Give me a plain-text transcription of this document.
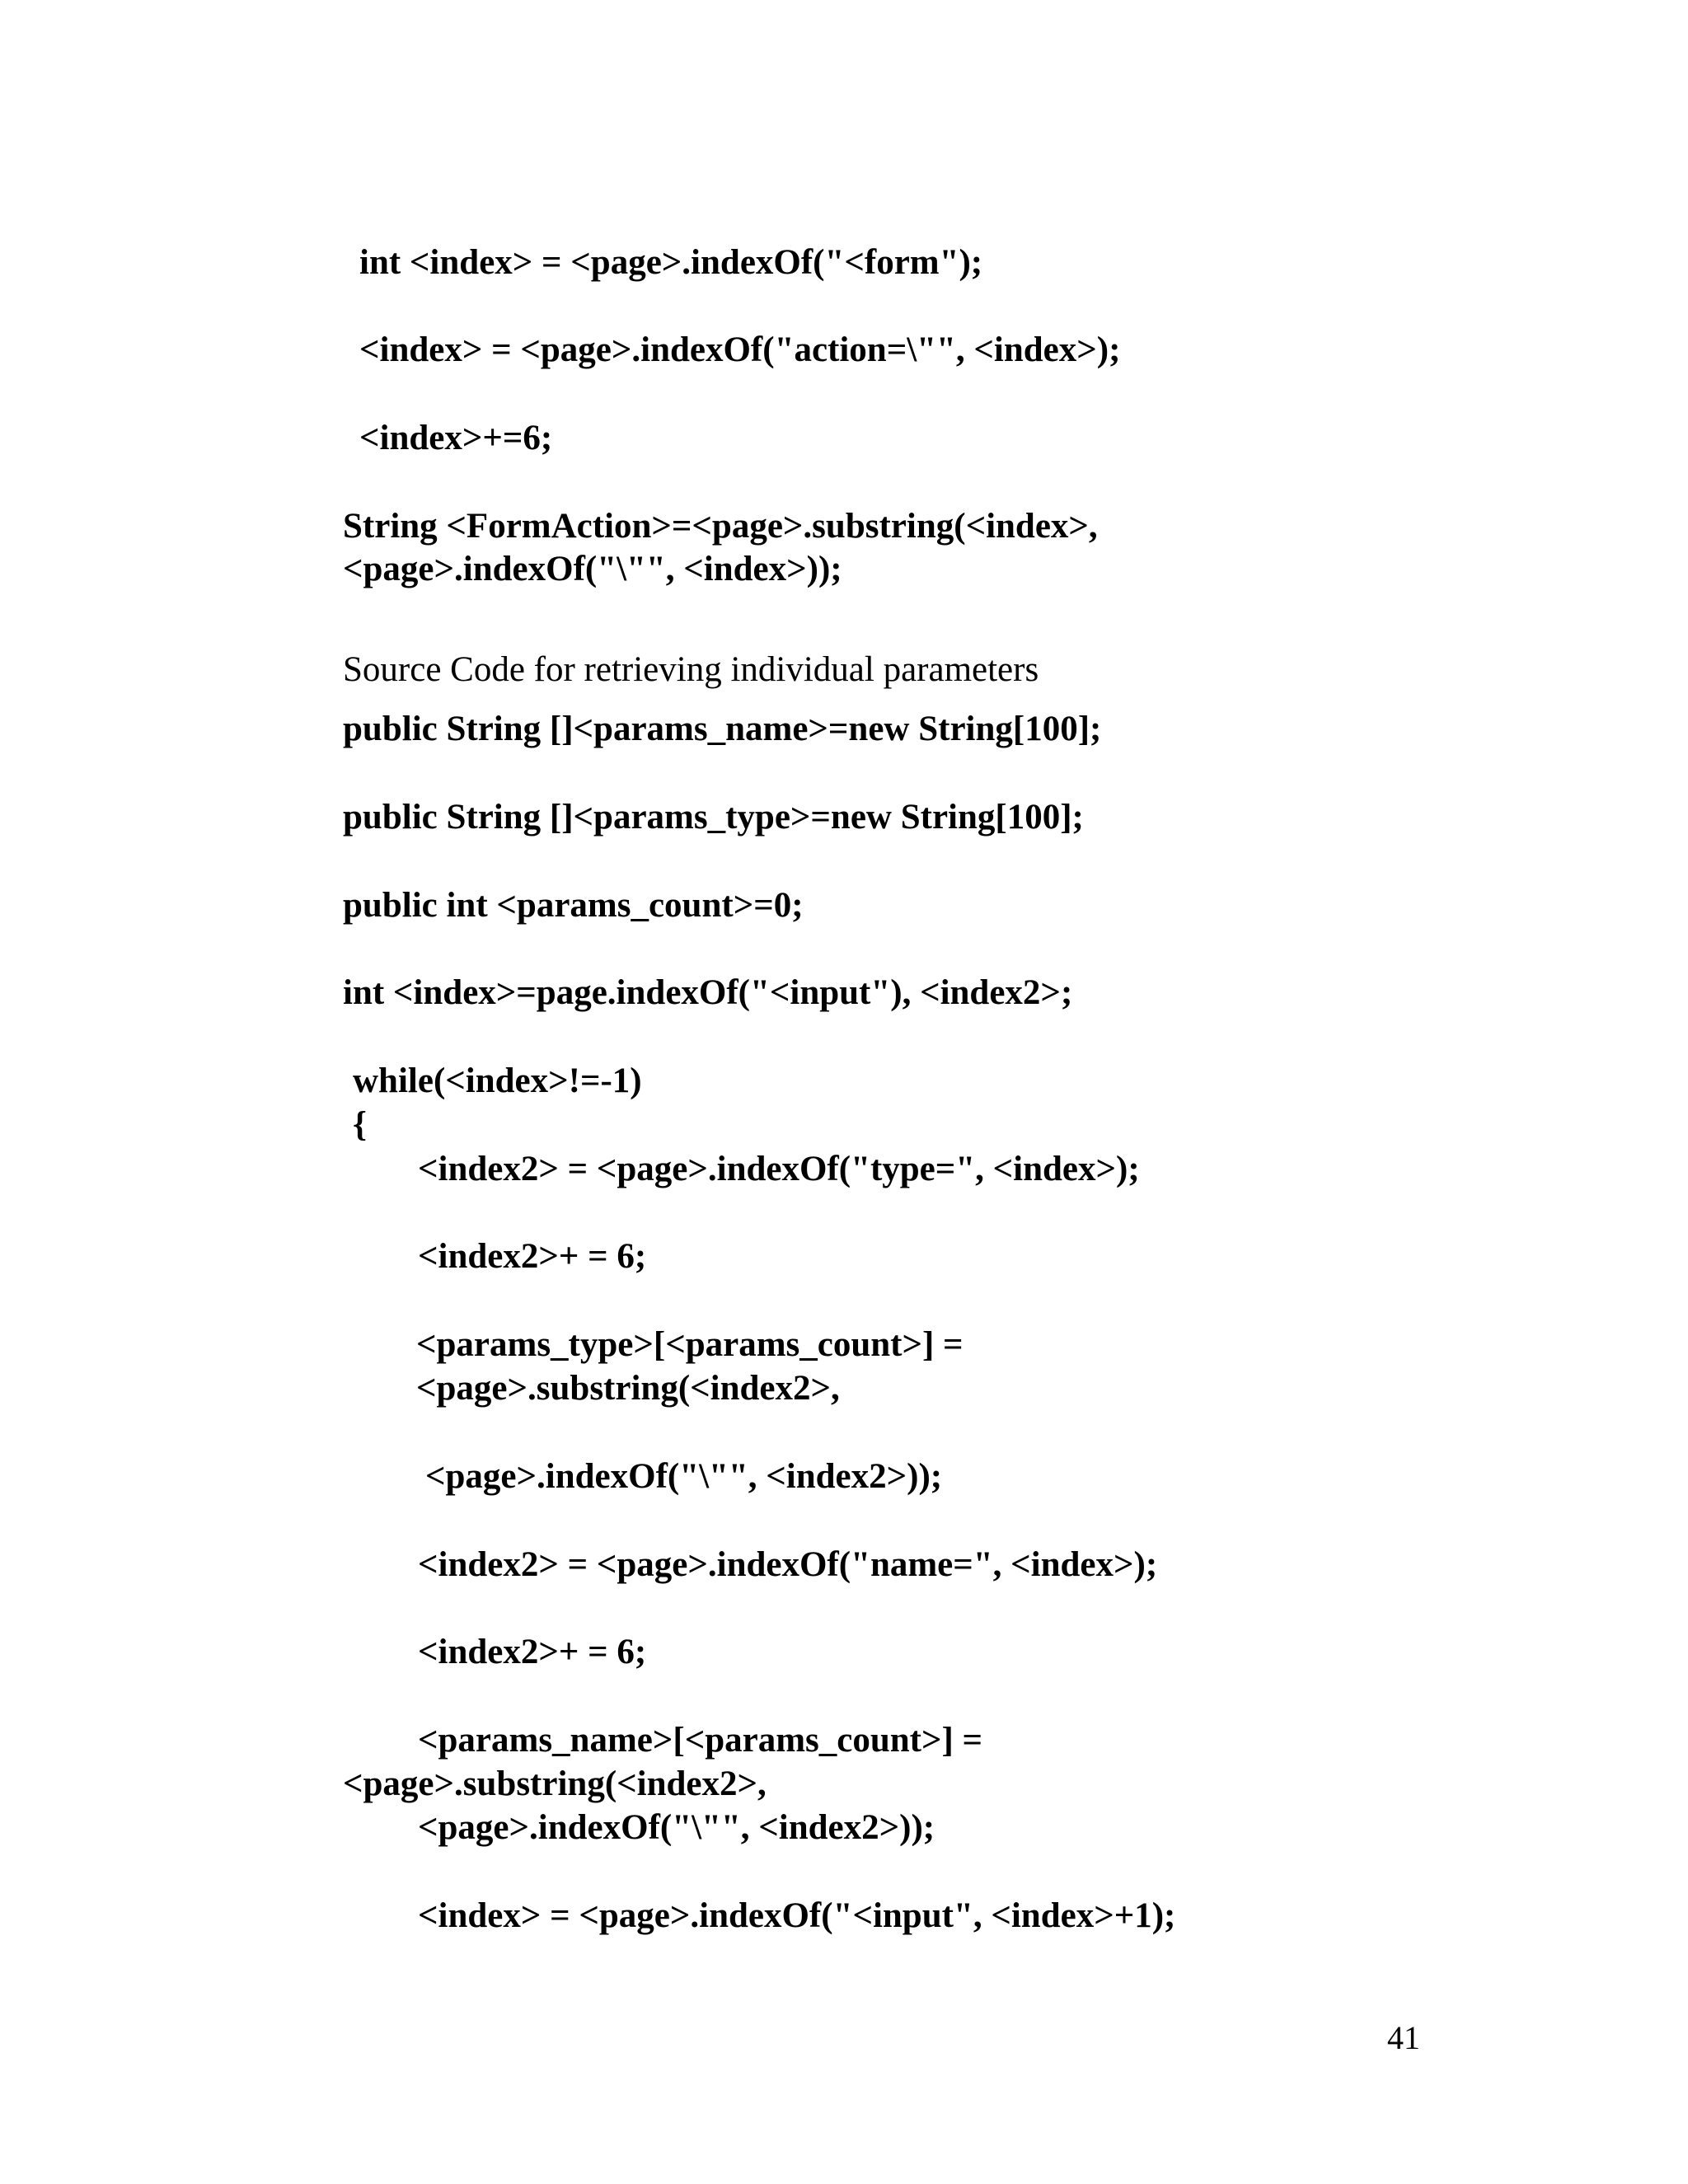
int <index> = <page>.indexOf("<form");
<index> = <page>.indexOf("action=\"", <index>);
<index>+=6;
String <FormAction>=<page>.substring(<index>,
<page>.indexOf("\"", <index>));
Source Code for retrieving individual parameters
public String []<params_name>=new String[100];
public String []<params_type>=new String[100];
public int <params_count>=0;
int <index>=page.indexOf("<input"), <index2>;
while(<index>!=-1)
{
<index2> = <page>.indexOf("type=", <index>);
<index2>+ = 6;
<params_type>[<params_count>] =
<page>.substring(<index2>,
<page>.indexOf("\"", <index2>));
<index2> = <page>.indexOf("name=", <index>);
<index2>+ = 6;
<params_name>[<params_count>] =
<page>.substring(<index2>,
<page>.indexOf("\"", <index2>));
<index> = <page>.indexOf("<input", <index>+1);
41
